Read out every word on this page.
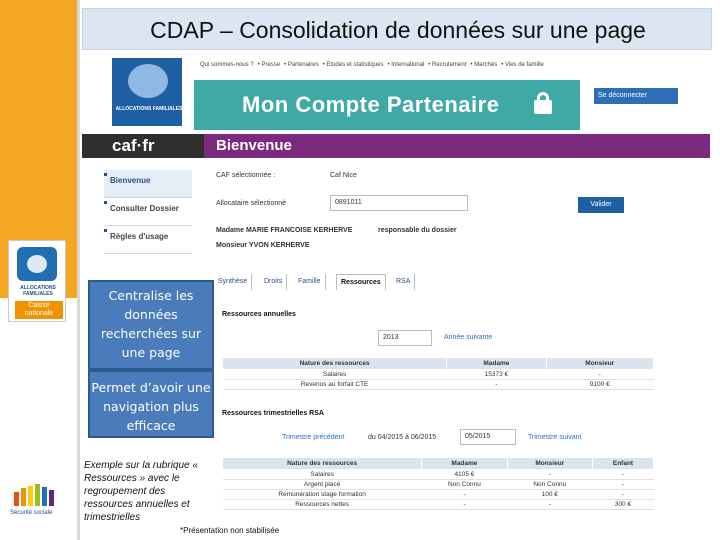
ALLOCATIONS FAMILIALES
Caisse nationale
Sécurité sociale
CDAP – Consolidation de données sur une page
ALLOCATIONS FAMILIALES
Qui sommes-nous ? • Presse • Partenaires • Etudes et statistiques • International • Recrutement • Marchés • Vies de famille
Mon Compte Partenaire	Se déconnecter
caf·fr	Bienvenue
Bienvenue
Consulter Dossier
Règles d'usage
CAF sélectionnée :	Caf Nice
Allocataire sélectionné	0891011	Valider
Madame MARIE FRANCOISE KERHERVE	responsable du dossier
Monsieur YVON KERHERVE
Synthèse	Droits	Famille	Ressources	RSA
Ressources annuelles
2013	Année suivante
Nature des ressources	Madame	Monsieur
Salaires	15373 €	-
Revenus au forfait CTE	-	9100 €
Ressources trimestrielles RSA
Trimestre précédent	du 04/2015 à 06/2015	05/2015	Trimestre suivant
Nature des ressources	Madame	Monsieur	Enfant
Salaires	4105 €	-	-
Argent placé	Non Connu	Non Connu	-
Rémunération stage formation	-	100 €	-
Ressources nettes	-	-	300 €
Centralise les données recherchées sur une page
Permet d’avoir une navigation plus efficace
Exemple sur la rubrique « Ressources » avec le regroupement des ressources annuelles et trimestrielles
*Présentation non stabilisée
